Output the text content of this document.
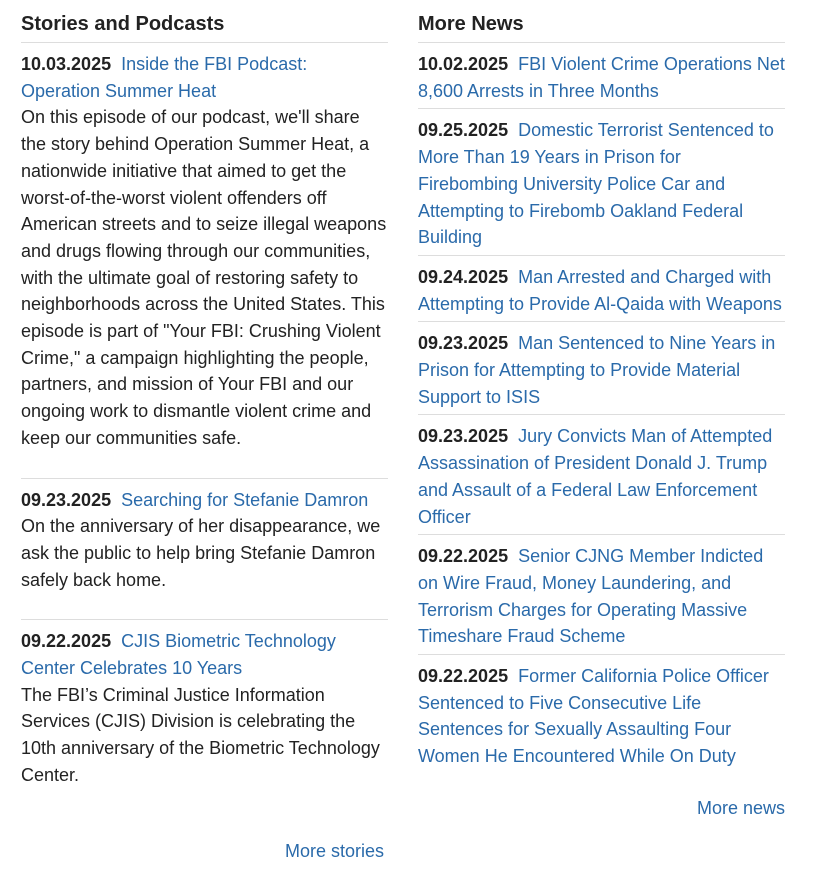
Stories and Podcasts

10.03.2025 Inside the FBI Podcast: Operation Summer Heat

On this episode of our podcast, we'll share the story behind Operation Summer Heat, a nationwide initiative that aimed to get the worst-of-the-worst violent offenders off American streets and to seize illegal weapons and drugs flowing through our communities, with the ultimate goal of restoring safety to neighborhoods across the United States. This episode is part of "Your FBI: Crushing Violent Crime," a campaign highlighting the people, partners, and mission of Your FBI and our ongoing work to dismantle violent crime and keep our communities safe.

09.23.2025 Searching for Stefanie Damron

On the anniversary of her disappearance, we ask the public to help bring Stefanie Damron safely back home.

09.22.2025 CJIS Biometric Technology Center Celebrates 10 Years

The FBI’s Criminal Justice Information Services (CJIS) Division is celebrating the 10th anniversary of the Biometric Technology Center.

More News

10.02.2025 FBI Violent Crime Operations Net 8,600 Arrests in Three Months

09.25.2025 Domestic Terrorist Sentenced to More Than 19 Years in Prison for Firebombing University Police Car and Attempting to Firebomb Oakland Federal Building

09.24.2025 Man Arrested and Charged with Attempting to Provide Al-Qaida with Weapons

09.23.2025 Man Sentenced to Nine Years in Prison for Attempting to Provide Material Support to ISIS

09.23.2025 Jury Convicts Man of Attempted Assassination of President Donald J. Trump and Assault of a Federal Law Enforcement Officer

09.22.2025 Senior CJNG Member Indicted on Wire Fraud, Money Laundering, and Terrorism Charges for Operating Massive Timeshare Fraud Scheme

09.22.2025 Former California Police Officer Sentenced to Five Consecutive Life Sentences for Sexually Assaulting Four Women He Encountered While On Duty

More news
More stories
